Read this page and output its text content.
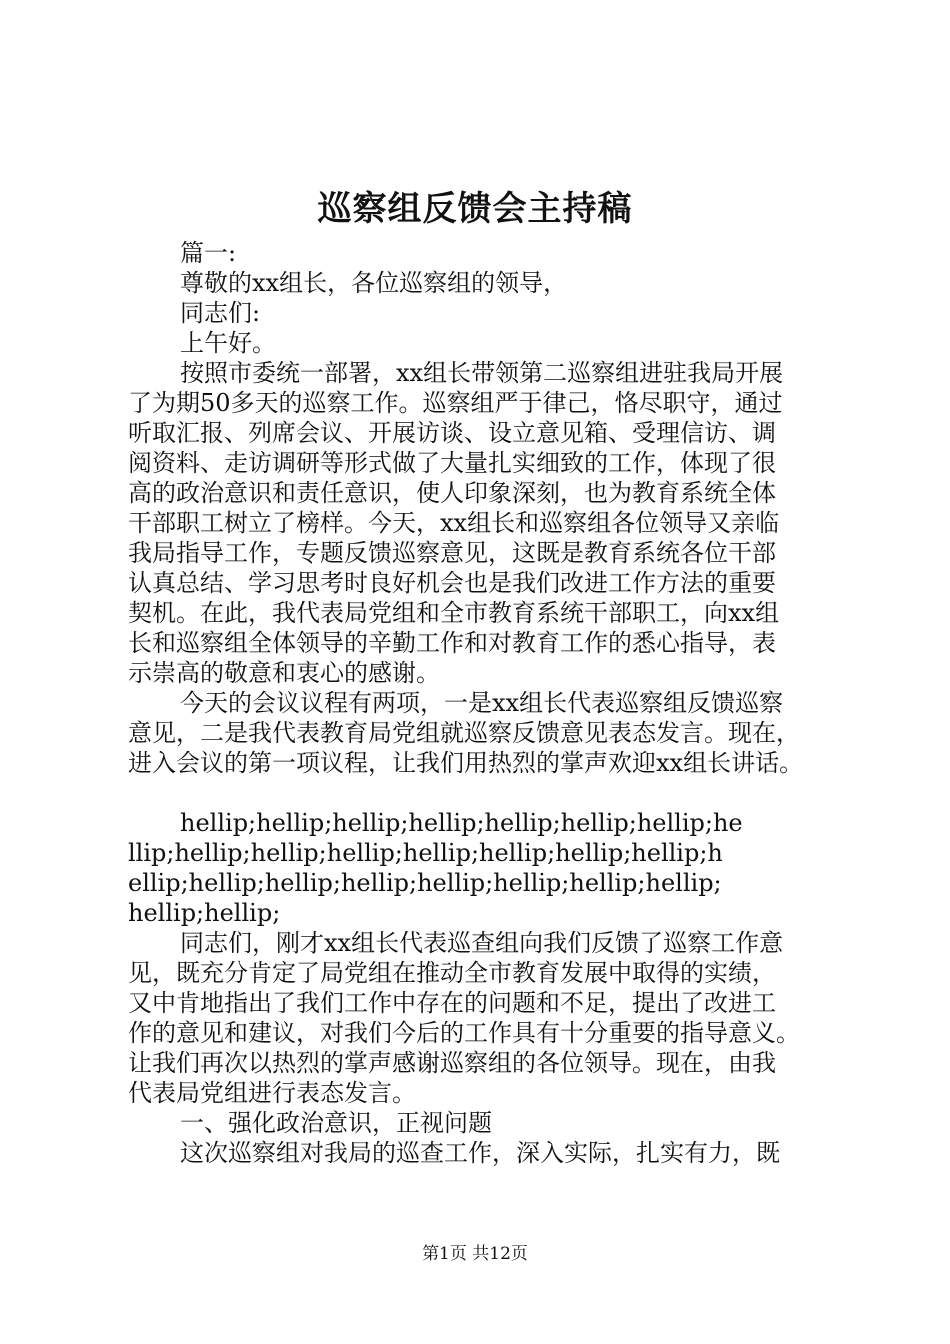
巡察组反馈会主持稿
篇一:
尊敬的xx组长，各位巡察组的领导，
同志们:
上午好。
按照市委统一部署，xx组长带领第二巡察组进驻我局开展
了为期50多天的巡察工作。巡察组严于律己，恪尽职守，通过
听取汇报、列席会议、开展访谈、设立意见箱、受理信访、调
阅资料、走访调研等形式做了大量扎实细致的工作，体现了很
高的政治意识和责任意识，使人印象深刻，也为教育系统全体
干部职工树立了榜样。今天，xx组长和巡察组各位领导又亲临
我局指导工作，专题反馈巡察意见，这既是教育系统各位干部
认真总结、学习思考时良好机会也是我们改进工作方法的重要
契机。在此，我代表局党组和全市教育系统干部职工，向xx组
长和巡察组全体领导的辛勤工作和对教育工作的悉心指导，表
示崇高的敬意和衷心的感谢。
今天的会议议程有两项，一是xx组长代表巡察组反馈巡察
意见，二是我代表教育局党组就巡察反馈意见表态发言。现在，
进入会议的第一项议程，让我们用热烈的掌声欢迎xx组长讲话。
hellip;hellip;hellip;hellip;hellip;hellip;hellip;he
llip;hellip;hellip;hellip;hellip;hellip;hellip;hellip;h
ellip;hellip;hellip;hellip;hellip;hellip;hellip;hellip;
hellip;hellip;
同志们，刚才xx组长代表巡查组向我们反馈了巡察工作意
见，既充分肯定了局党组在推动全市教育发展中取得的实绩，
又中肯地指出了我们工作中存在的问题和不足，提出了改进工
作的意见和建议，对我们今后的工作具有十分重要的指导意义。
让我们再次以热烈的掌声感谢巡察组的各位领导。现在，由我
代表局党组进行表态发言。
一、强化政治意识，正视问题
这次巡察组对我局的巡查工作，深入实际，扎实有力，既
第1页 共12页
